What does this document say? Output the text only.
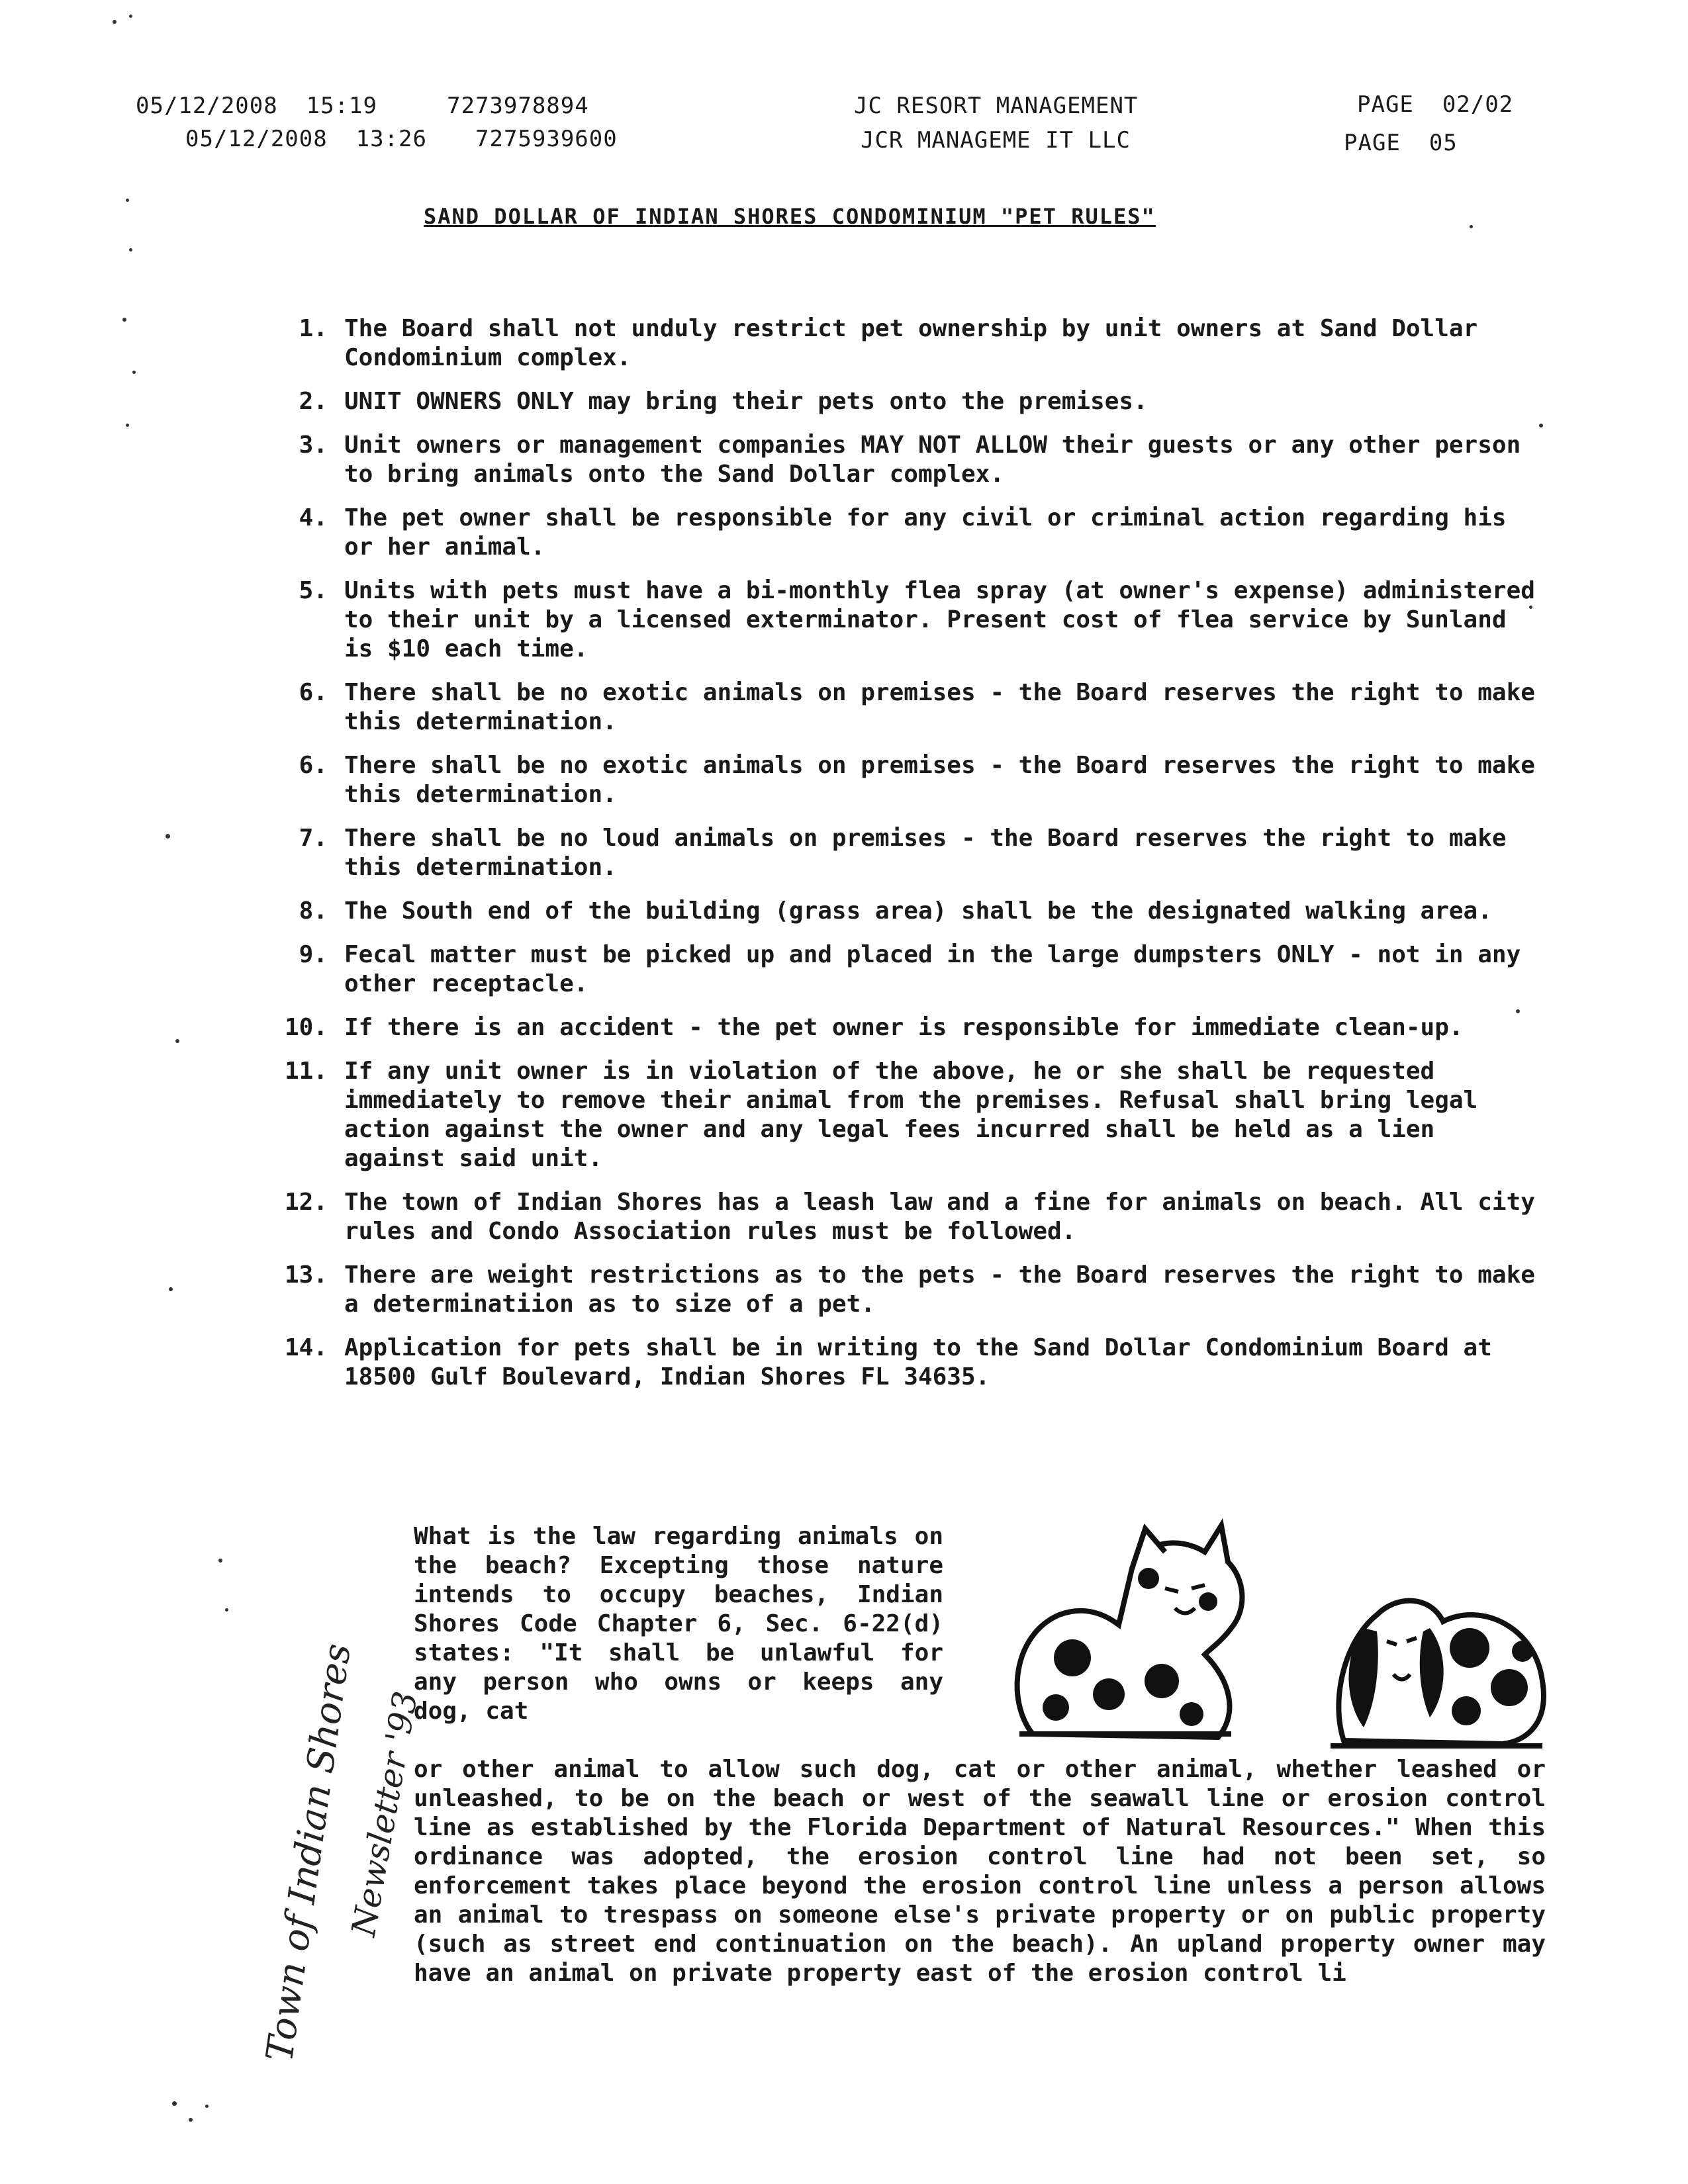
05/12/2008  15:19	7273978894	JC RESORT MANAGEMENT	PAGE  02/02
05/12/2008  13:26 7275939600	JCR MANAGEME IT LLC	PAGE  05
SAND DOLLAR OF INDIAN SHORES CONDOMINIUM "PET RULES"
1. The Board shall not unduly restrict pet ownership by unit owners at Sand Dollar Condominium complex.
2. UNIT OWNERS ONLY may bring their pets onto the premises.
3. Unit owners or management companies MAY NOT ALLOW their guests or any other person to bring animals onto the Sand Dollar complex.
4. The pet owner shall be responsible for any civil or criminal action regarding his or her animal.
5. Units with pets must have a bi-monthly flea spray (at owner's expense) administered to their unit by a licensed exterminator. Present cost of flea service by Sunland is $10 each time.
6. There shall be no exotic animals on premises - the Board reserves the right to make this determination.
6. There shall be no exotic animals on premises - the Board reserves the right to make this determination.
7. There shall be no loud animals on premises - the Board reserves the right to make this determination.
8. The South end of the building (grass area) shall be the designated walking area.
9. Fecal matter must be picked up and placed in the large dumpsters ONLY - not in any other receptacle.
10. If there is an accident - the pet owner is responsible for immediate clean-up.
11. If any unit owner is in violation of the above, he or she shall be requested immediately to remove their animal from the premises. Refusal shall bring legal action against the owner and any legal fees incurred shall be held as a lien against said unit.
12. The town of Indian Shores has a leash law and a fine for animals on beach. All city rules and Condo Association rules must be followed.
13. There are weight restrictions as to the pets - the Board reserves the right to make a determinatiion as to size of a pet.
14. Application for pets shall be in writing to the Sand Dollar Condominium Board at 18500 Gulf Boulevard, Indian Shores FL 34635.
What is the law regarding animals on the beach? Excepting those nature intends to occupy beaches, Indian Shores Code Chapter 6, Sec. 6-22(d) states: "It shall be unlawful for any person who owns or keeps any dog, cat
or other animal to allow such dog, cat or other animal, whether leashed or unleashed, to be on the beach or west of the seawall line or erosion control line as established by the Florida Department of Natural Resources." When this ordinance was adopted, the erosion control line had not been set, so enforcement takes place beyond the erosion control line unless a person allows an animal to trespass on someone else's private property or on public property (such as street end continuation on the beach). An upland property owner may have an animal on private property east of the erosion control li
Town of Indian Shores
Newsletter '93
